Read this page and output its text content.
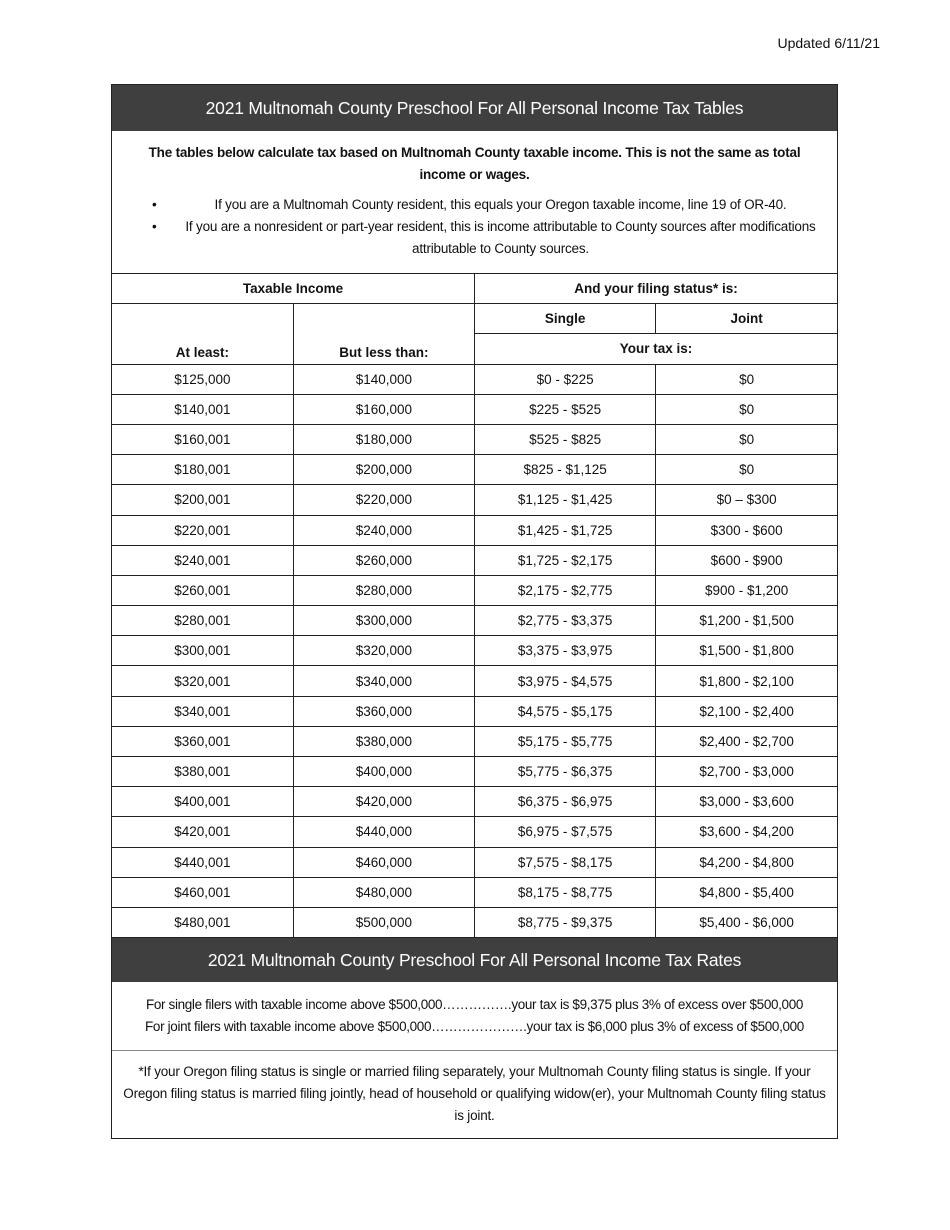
Updated 6/11/21
2021 Multnomah County Preschool For All Personal Income Tax Tables
The tables below calculate tax based on Multnomah County taxable income. This is not the same as total income or wages.
• If you are a Multnomah County resident, this equals your Oregon taxable income, line 19 of OR-40.
• If you are a nonresident or part-year resident, this is income attributable to County sources after modifications attributable to County sources.
Taxable Income		And your filing status* is:	
At least:	But less than:	Single	Joint
		Your tax is:	
$125,000	$140,000	$0 - $225	$0
$140,001	$160,000	$225 - $525	$0
$160,001	$180,000	$525 - $825	$0
$180,001	$200,000	$825 - $1,125	$0
$200,001	$220,000	$1,125 - $1,425	$0 – $300
$220,001	$240,000	$1,425 - $1,725	$300 - $600
$240,001	$260,000	$1,725 - $2,175	$600 - $900
$260,001	$280,000	$2,175 - $2,775	$900 - $1,200
$280,001	$300,000	$2,775 - $3,375	$1,200 - $1,500
$300,001	$320,000	$3,375 - $3,975	$1,500 - $1,800
$320,001	$340,000	$3,975 - $4,575	$1,800 - $2,100
$340,001	$360,000	$4,575 - $5,175	$2,100 - $2,400
$360,001	$380,000	$5,175 - $5,775	$2,400 - $2,700
$380,001	$400,000	$5,775 - $6,375	$2,700 - $3,000
$400,001	$420,000	$6,375 - $6,975	$3,000 - $3,600
$420,001	$440,000	$6,975 - $7,575	$3,600 - $4,200
$440,001	$460,000	$7,575 - $8,175	$4,200 - $4,800
$460,001	$480,000	$8,175 - $8,775	$4,800 - $5,400
$480,001	$500,000	$8,775 - $9,375	$5,400 - $6,000
2021 Multnomah County Preschool For All Personal Income Tax Rates
For single filers with taxable income above $500,000…………….your tax is $9,375 plus 3% of excess over $500,000
For joint filers with taxable income above $500,000………………….your tax is $6,000 plus 3% of excess of $500,000
*If your Oregon filing status is single or married filing separately, your Multnomah County filing status is single. If your Oregon filing status is married filing jointly, head of household or qualifying widow(er), your Multnomah County filing status is joint.
